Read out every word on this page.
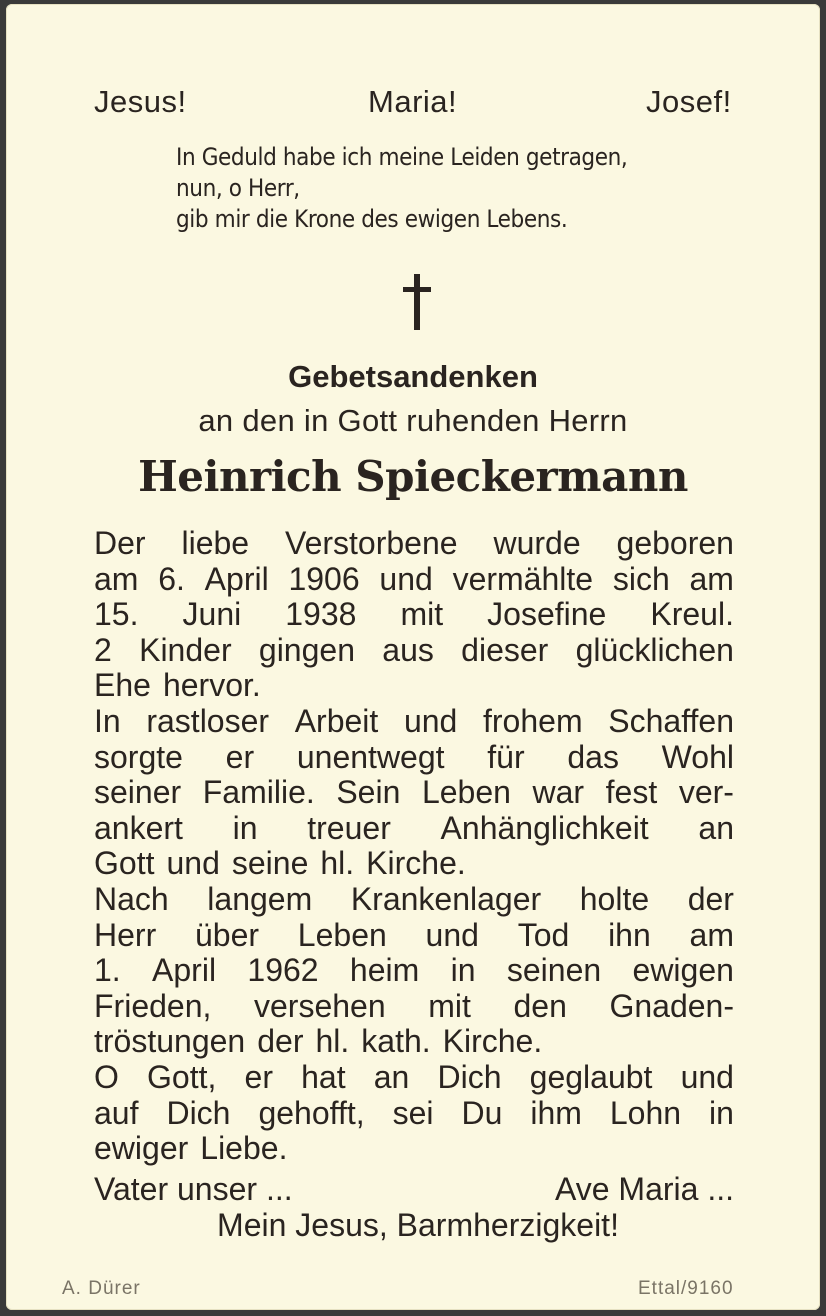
Jesus!	Maria!	Josef!
In Geduld habe ich meine Leiden getragen,
nun, o Herr,
gib mir die Krone des ewigen Lebens.
Gebetsandenken
an den in Gott ruhenden Herrn
Heinrich Spieckermann
Der liebe Verstorbene wurde geboren
am 6. April 1906 und vermählte sich am
15. Juni 1938 mit Josefine Kreul.
2 Kinder gingen aus dieser glücklichen
Ehe hervor.
In rastloser Arbeit und frohem Schaffen
sorgte er unentwegt für das Wohl
seiner Familie. Sein Leben war fest ver-
ankert in treuer Anhänglichkeit an
Gott und seine hl. Kirche.
Nach langem Krankenlager holte der
Herr über Leben und Tod ihn am
1. April 1962 heim in seinen ewigen
Frieden, versehen mit den Gnaden-
tröstungen der hl. kath. Kirche.
O Gott, er hat an Dich geglaubt und
auf Dich gehofft, sei Du ihm Lohn in
ewiger Liebe.
Vater unser ...	Ave Maria ...
Mein Jesus, Barmherzigkeit!
A. Dürer	Ettal/9160
